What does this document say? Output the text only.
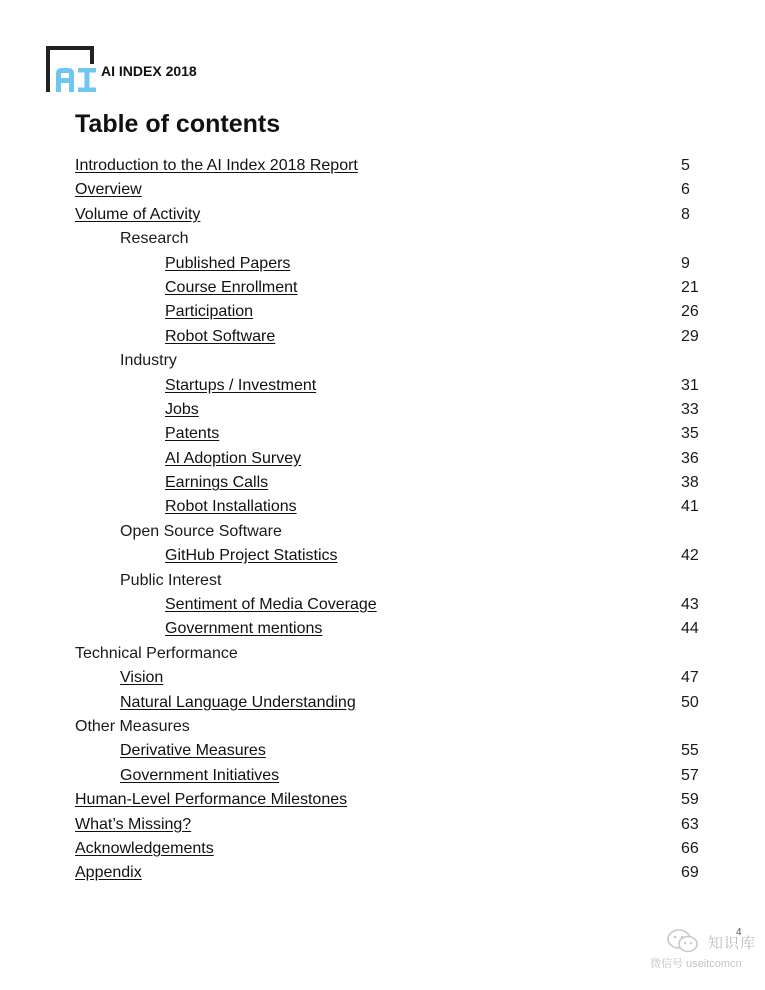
AI INDEX 2018
Table of contents
Introduction to the AI Index 2018 Report	5
Overview	6
Volume of Activity	8
Research
Published Papers	9
Course Enrollment	21
Participation	26
Robot Software	29
Industry
Startups / Investment	31
Jobs	33
Patents	35
AI Adoption Survey	36
Earnings Calls	38
Robot Installations	41
Open Source Software
GitHub Project Statistics	42
Public Interest
Sentiment of Media Coverage	43
Government mentions	44
Technical Performance
Vision	47
Natural Language Understanding	50
Other Measures
Derivative Measures	55
Government Initiatives	57
Human-Level Performance Milestones	59
What’s Missing?	63
Acknowledgements	66
Appendix	69
4
知识库
微信号 useitcomcn
